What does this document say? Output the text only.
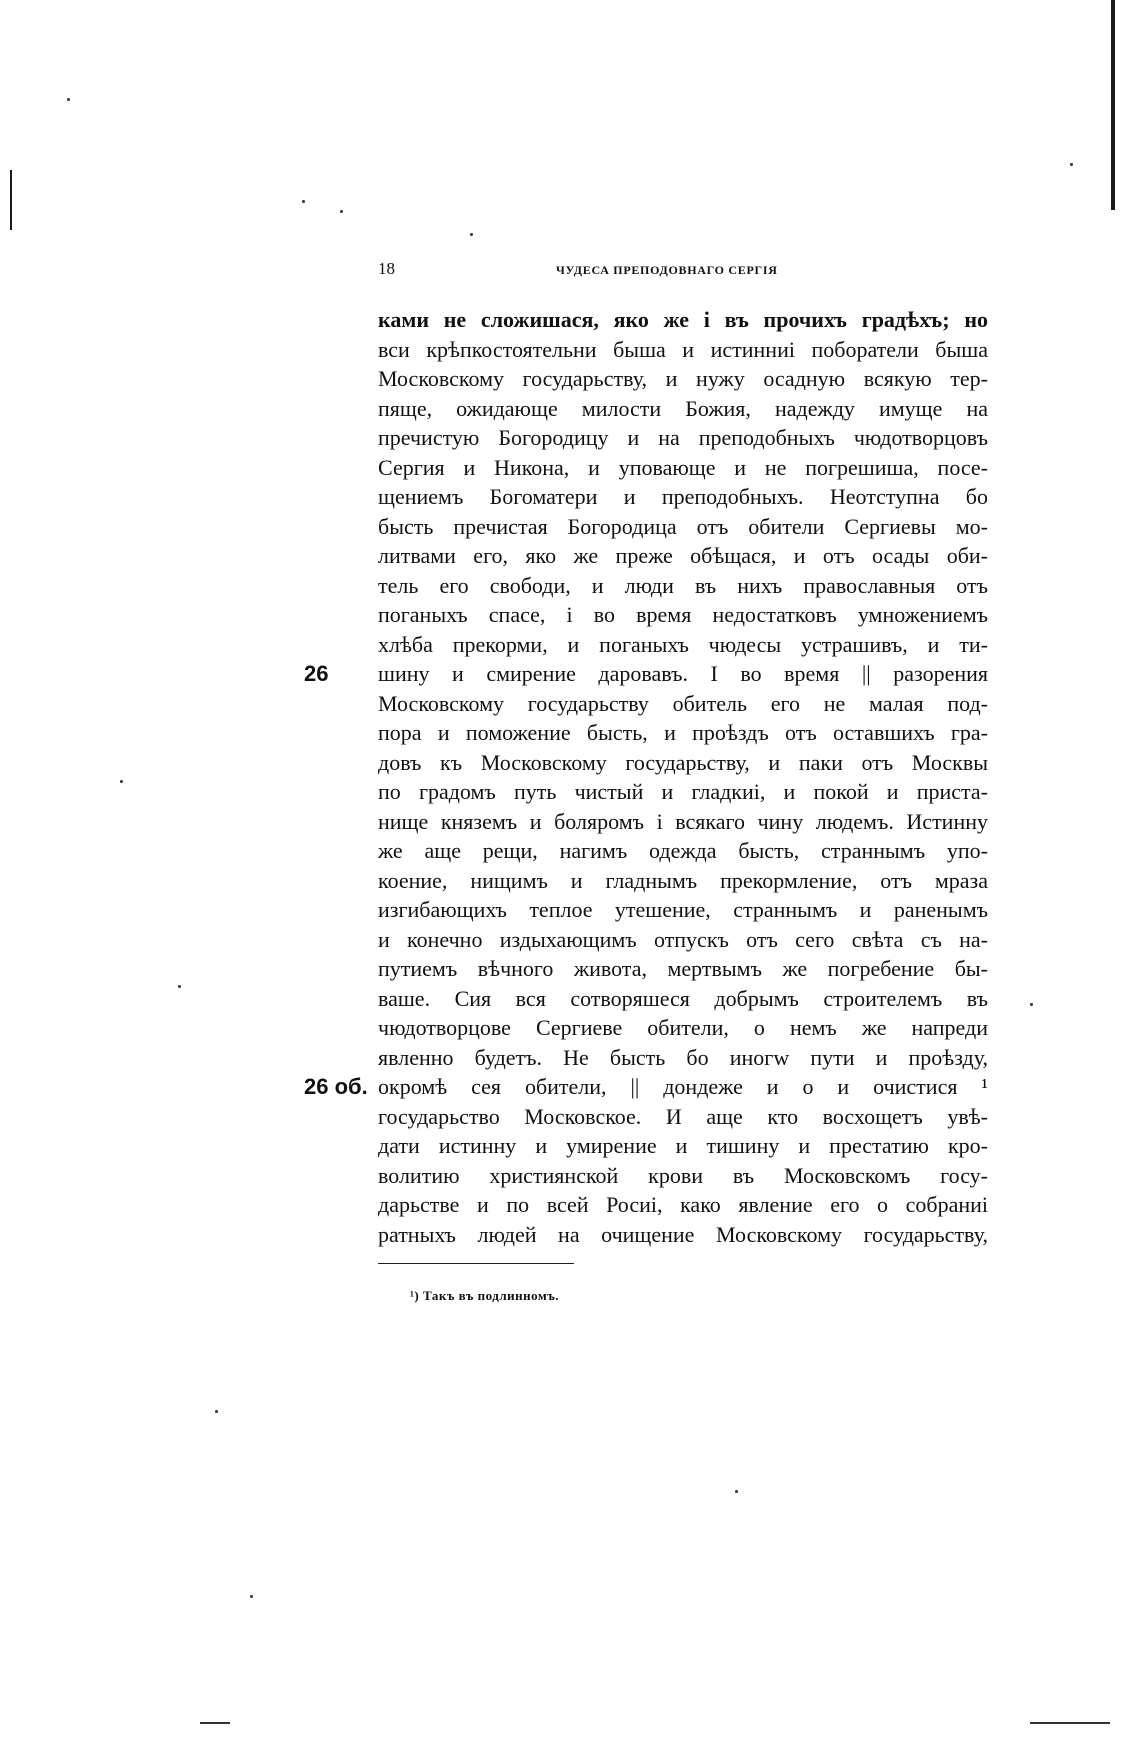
18	ЧУДЕСА ПРЕПОДОВНАГО СЕРГІЯ
26
26 об.
ками не сложишася, яко же і въ прочихъ градѣхъ; но
вси крѣпкостоятельни быша и истинниі поборатели быша
Московскому государьству, и нужу осадную всякую тер-
пяще, ожидающе милости Божия, надежду имуще на
пречистую Богородицу и на преподобныхъ чюдотворцовъ
Сергия и Никона, и уповающе и не погрешиша, посе-
щениемъ Богоматери и преподобныхъ. Неотступна бо
бысть пречистая Богородица отъ обители Сергиевы мо-
литвами его, яко же преже обѣщася, и отъ осады оби-
тель его свободи, и люди въ нихъ православныя отъ
поганыхъ спасе, і во время недостатковъ умножениемъ
хлѣба прекорми, и поганыхъ чюдесы устрашивъ, и ти-
шину и смирение даровавъ. І во время || разорения
Московскому государьству обитель его не малая под-
пора и поможение бысть, и проѣздъ отъ оставшихъ гра-
довъ къ Московскому государьству, и паки отъ Москвы
по градомъ путь чистый и гладкиі, и покой и приста-
нище княземъ и боляромъ і всякаго чину людемъ. Истинну
же аще рещи, нагимъ одежда бысть, страннымъ упо-
коение, нищимъ и гладнымъ прекормление, отъ мраза
изгибающихъ теплое утешение, страннымъ и раненымъ
и конечно издыхающимъ отпускъ отъ сего свѣта съ на-
путиемъ вѣчного живота, мертвымъ же погребение бы-
ваше. Сия вся сотворяшеся добрымъ строителемъ въ
чюдотворцове Сергиеве обители, о немъ же напреди
явленно будетъ. Не бысть бо иногw пути и проѣзду,
окромѣ сея обители, || дондеже и о и очистися ¹
государьство Московское. И аще кто восхощетъ увѣ-
дати истинну и умирение и тишину и престатию кро-
волитию християнской крови въ Московскомъ госу-
дарьстве и по всей Росиі, како явление его о собраниі
ратныхъ людей на очищение Московскому государьству,
¹) Такъ въ подлинномъ.
